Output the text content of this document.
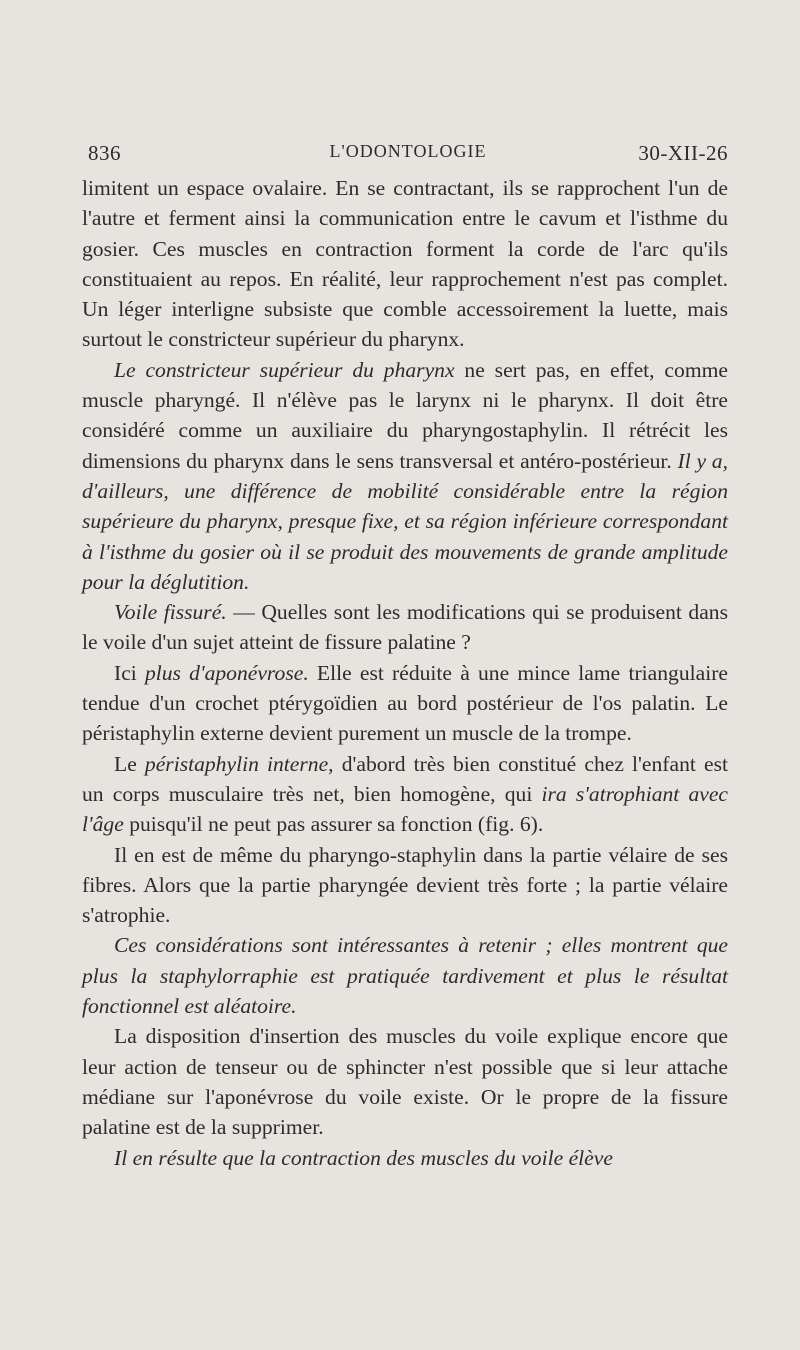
836	L'ODONTOLOGIE	30-XII-26

limitent un espace ovalaire. En se contractant, ils se rapprochent l'un de l'autre et ferment ainsi la communication entre le cavum et l'isthme du gosier. Ces muscles en contraction forment la corde de l'arc qu'ils constituaient au repos. En réalité, leur rapprochement n'est pas complet. Un léger interligne subsiste que comble accessoirement la luette, mais surtout le constricteur supérieur du pharynx.

Le constricteur supérieur du pharynx ne sert pas, en effet, comme muscle pharyngé. Il n'élève pas le larynx ni le pharynx. Il doit être considéré comme un auxiliaire du pharyngostaphylin. Il rétrécit les dimensions du pharynx dans le sens transversal et antéro-postérieur. Il y a, d'ailleurs, une différence de mobilité considérable entre la région supérieure du pharynx, presque fixe, et sa région inférieure correspondant à l'isthme du gosier où il se produit des mouvements de grande amplitude pour la déglutition.

Voile fissuré. — Quelles sont les modifications qui se produisent dans le voile d'un sujet atteint de fissure palatine ?

Ici plus d'aponévrose. Elle est réduite à une mince lame triangulaire tendue d'un crochet ptérygoïdien au bord postérieur de l'os palatin. Le péristaphylin externe devient purement un muscle de la trompe.

Le péristaphylin interne, d'abord très bien constitué chez l'enfant est un corps musculaire très net, bien homogène, qui ira s'atrophiant avec l'âge puisqu'il ne peut pas assurer sa fonction (fig. 6).

Il en est de même du pharyngo-staphylin dans la partie vélaire de ses fibres. Alors que la partie pharyngée devient très forte ; la partie vélaire s'atrophie.

Ces considérations sont intéressantes à retenir ; elles montrent que plus la staphylorraphie est pratiquée tardivement et plus le résultat fonctionnel est aléatoire.

La disposition d'insertion des muscles du voile explique encore que leur action de tenseur ou de sphincter n'est possible que si leur attache médiane sur l'aponévrose du voile existe. Or le propre de la fissure palatine est de la supprimer.

Il en résulte que la contraction des muscles du voile élève
